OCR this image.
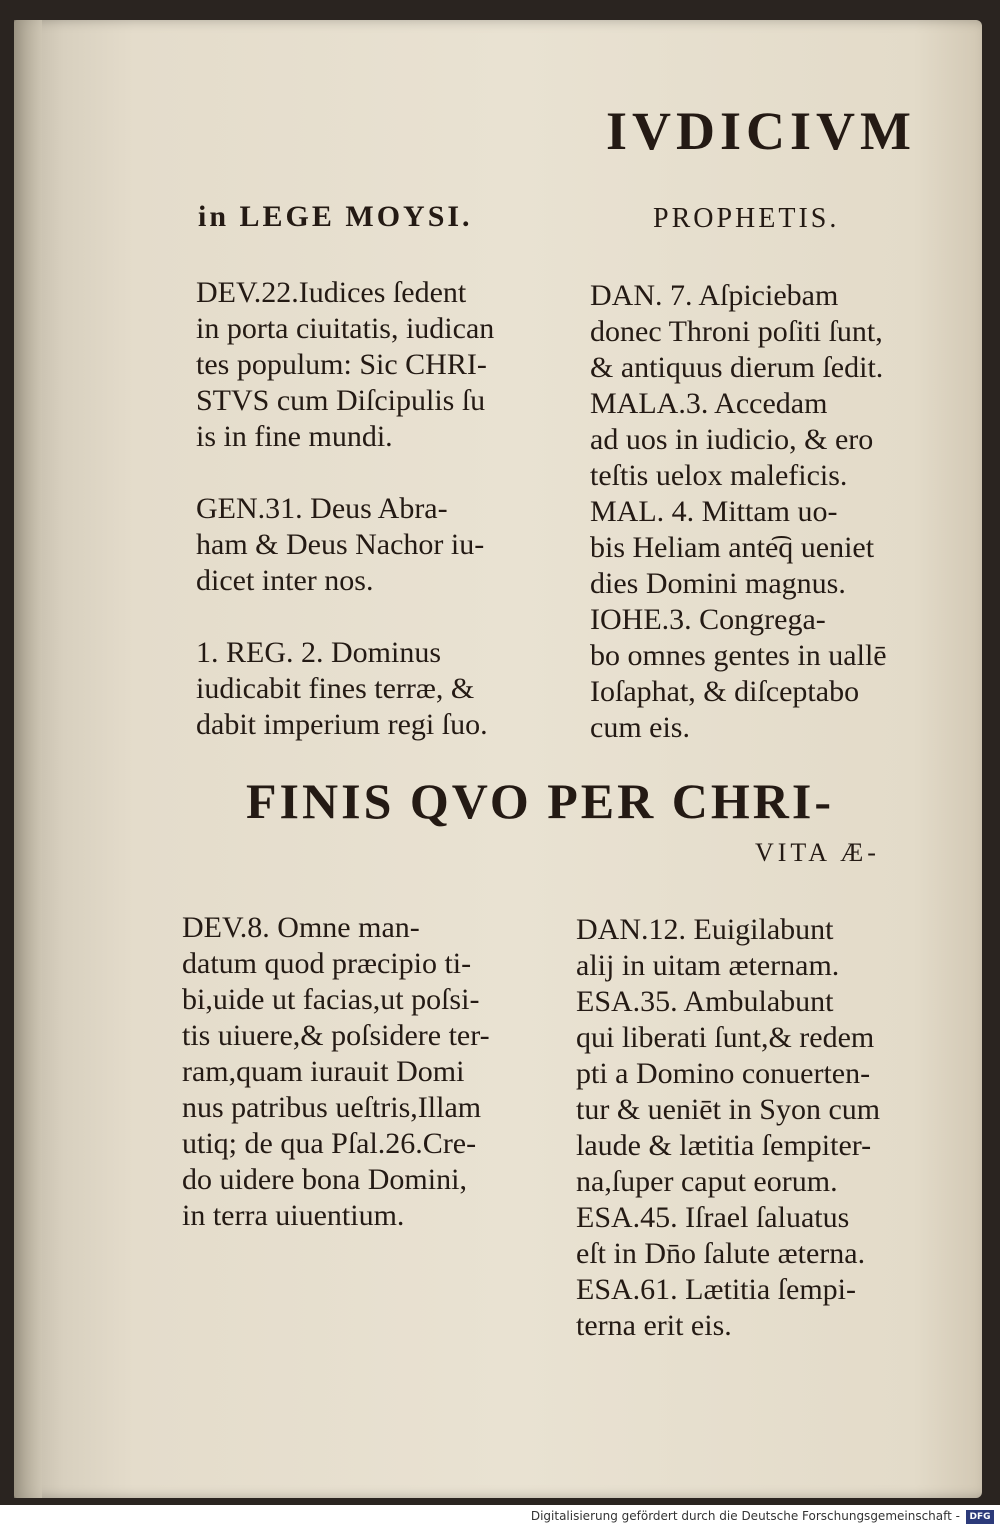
IVDICIVM
in LEGE MOYSI.	PROPHETIS.

DEV.22.Iudices ſedent

in porta ciuitatis, iudican

tes populum: Sic CHRI-

STVS cum Diſcipulis ſu

is in fine mundi.

GEN.31. Deus Abra-

ham & Deus Nachor iu-

dicet inter nos.

1. REG. 2. Dominus

iudicabit fines terræ, &

dabit imperium regi ſuo.

DAN. 7. Aſpiciebam

donec Throni poſiti ſunt,

& antiquus dierum ſedit.

MALA.3. Accedam

ad uos in iudicio, & ero

teſtis uelox maleficis.

MAL. 4. Mittam uo-

bis Heliam ante͡q ueniet

dies Domini magnus.

IOHE.3. Congrega-

bo omnes gentes in uallē

Ioſaphat, & diſceptabo

cum eis.

FINIS QVO PER CHRI-
VITA Æ-

DEV.8. Omne man-

datum quod præcipio ti-

bi,uide ut facias,ut poſsi-

tis uiuere,& poſsidere ter-

ram,quam iurauit Domi

nus patribus ueſtris,Illam

utiq; de qua Pſal.26.Cre-

do uidere bona Domini,

in terra uiuentium.

DAN.12. Euigilabunt

alij in uitam æternam.

ESA.35. Ambulabunt

qui liberati ſunt,& redem

pti a Domino conuerten-

tur & ueniēt in Syon cum

laude & lætitia ſempiter-

na,ſuper caput eorum.

ESA.45. Iſrael ſaluatus

eſt in Dn̄o ſalute æterna.

ESA.61. Lætitia ſempi-

terna erit eis.

Digitalisierung gefördert durch die Deutsche Forschungsgemeinschaft -	DFG
